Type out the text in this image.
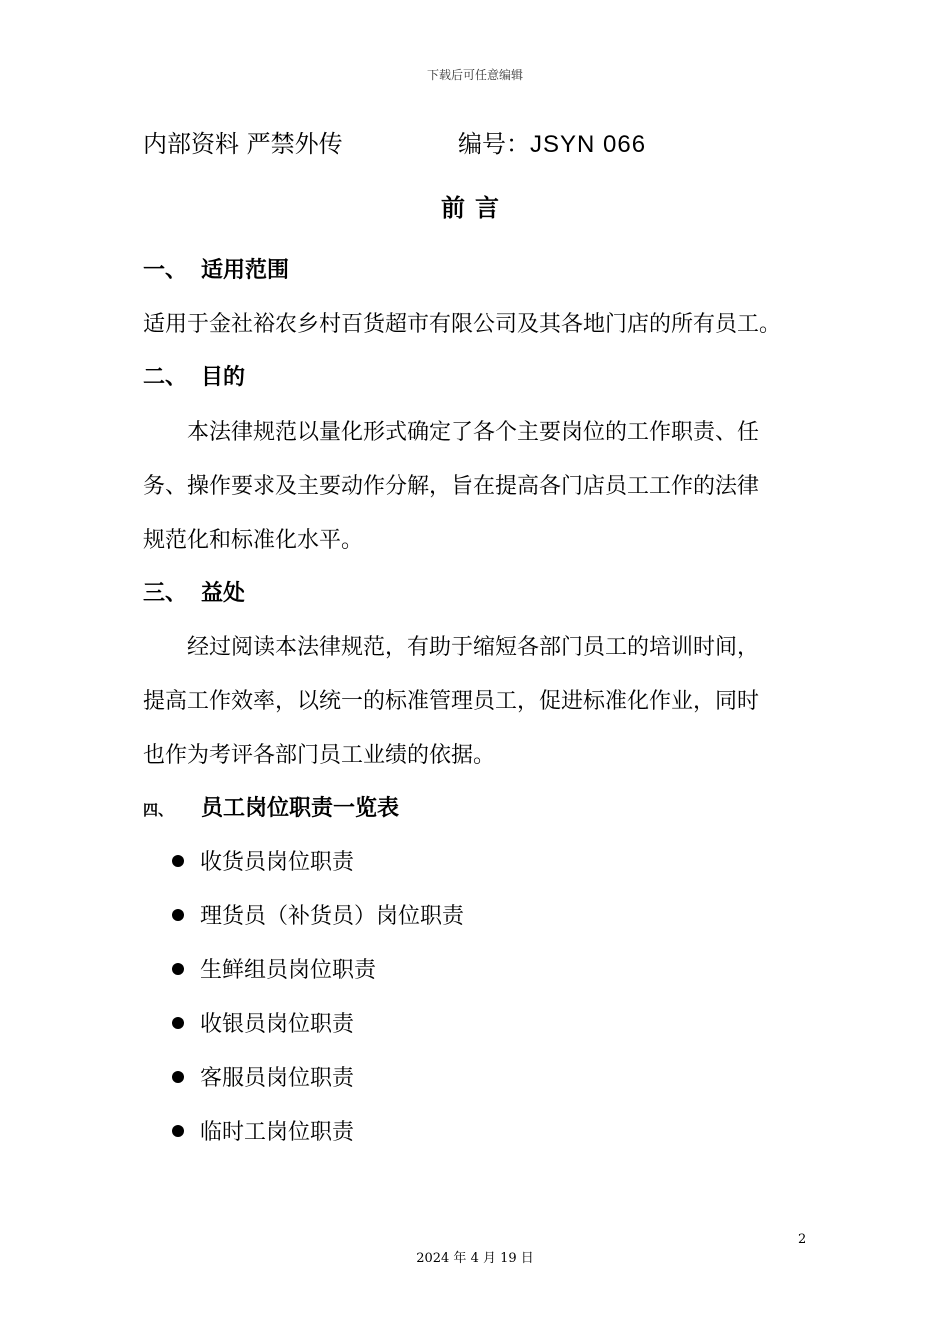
下载后可任意编辑
内部资料 严禁外传	编号：JSYN 066
前言
一、 适用范围
适用于金社裕农乡村百货超市有限公司及其各地门店的所有员工。
二、 目的
本法律规范以量化形式确定了各个主要岗位的工作职责、任
务、操作要求及主要动作分解，旨在提高各门店员工工作的法律
规范化和标准化水平。
三、 益处
经过阅读本法律规范，有助于缩短各部门员工的培训时间，
提高工作效率，以统一的标准管理员工，促进标准化作业，同时
也作为考评各部门员工业绩的依据。
四、 员工岗位职责一览表
收货员岗位职责
理货员（补货员）岗位职责
生鲜组员岗位职责
收银员岗位职责
客服员岗位职责
临时工岗位职责
2
2024 年 4 月 19 日
